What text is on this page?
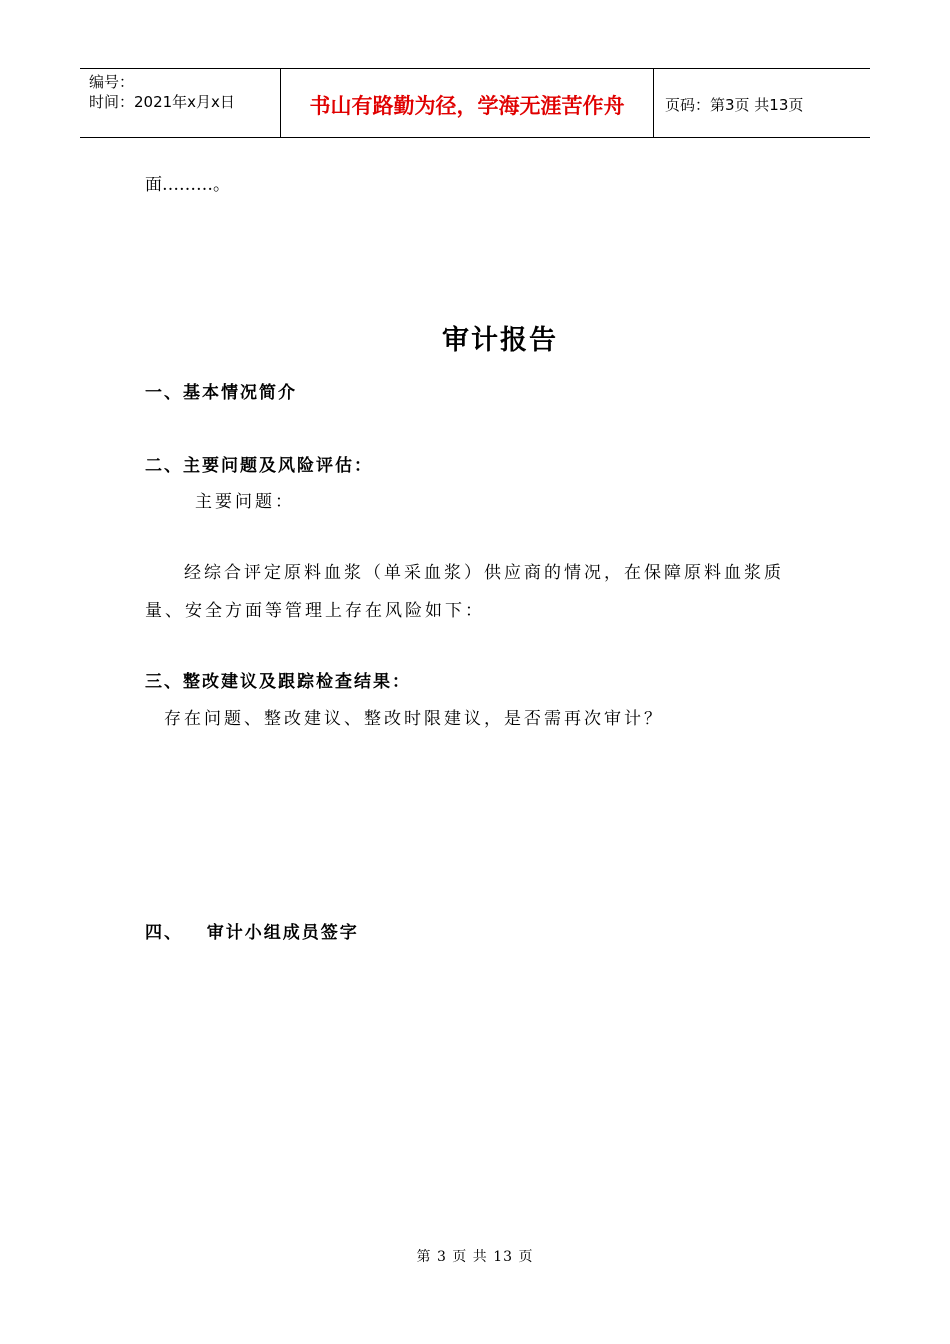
编号：
时间：2021年x月x日	书山有路勤为径，学海无涯苦作舟	页码：第3页 共13页
面………。
审计报告
一、基本情况简介
二、主要问题及风险评估：
主要问题：
经综合评定原料血浆（单采血浆）供应商的情况，在保障原料血浆质
量、安全方面等管理上存在风险如下：
三、整改建议及跟踪检查结果：
存在问题、整改建议、整改时限建议，是否需再次审计？
四、   审计小组成员签字
第 3 页 共 13 页
